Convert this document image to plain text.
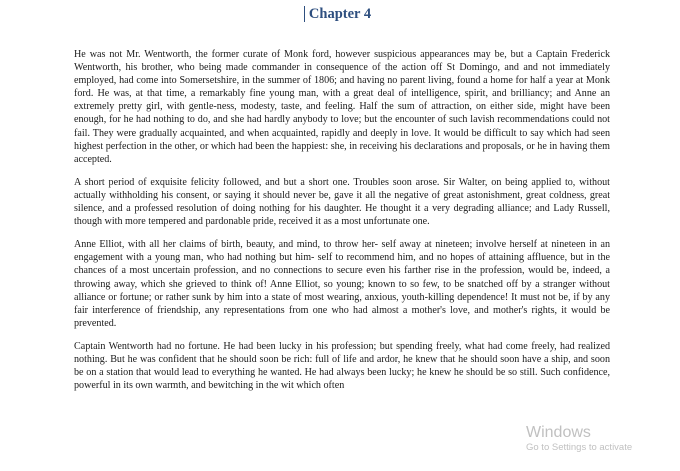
Chapter 4

He was not Mr. Wentworth, the former curate of Monk ford, however suspicious appearances may be, but a Captain Frederick Wentworth, his brother, who being made commander in consequence of the action off St Domingo, and and not immediately employed, had come into Somersetshire, in the summer of 1806; and having no parent living, found a home for half a year at Monk ford. He was, at that time, a remarkably fine young man, with a great deal of intelligence, spirit, and brilliancy; and Anne an extremely pretty girl, with gentle-ness, modesty, taste, and feeling. Half the sum of attraction, on either side, might have been enough, for he had nothing to do, and she had hardly anybody to love; but the encounter of such lavish recommendations could not fail. They were gradually acquainted, and when acquainted, rapidly and deeply in love. It would be difficult to say which had seen highest perfection in the other, or which had been the happiest: she, in receiving his declarations and proposals, or he in having them accepted.

A short period of exquisite felicity followed, and but a short one. Troubles soon arose. Sir Walter, on being applied to, without actually withholding his consent, or saying it should never be, gave it all the negative of great astonishment, great coldness, great silence, and a professed resolution of doing nothing for his daughter. He thought it a very degrading alliance; and Lady Russell, though with more tempered and pardonable pride, received it as a most unfortunate one.

Anne Elliot, with all her claims of birth, beauty, and mind, to throw her- self away at nineteen; involve herself at nineteen in an engagement with a young man, who had nothing but him- self to recommend him, and no hopes of attaining affluence, but in the chances of a most uncertain profession, and no connections to secure even his farther rise in the profession, would be, indeed, a throwing away, which she grieved to think of! Anne Elliot, so young; known to so few, to be snatched off by a stranger without alliance or fortune; or rather sunk by him into a state of most wearing, anxious, youth-killing dependence! It must not be, if by any fair interference of friendship, any representations from one who had almost a mother's love, and mother's rights, it would be prevented.

Captain Wentworth had no fortune. He had been lucky in his profession; but spending freely, what had come freely, had realized nothing. But he was confident that he should soon be rich: full of life and ardor, he knew that he should soon have a ship, and soon be on a station that would lead to everything he wanted. He had always been lucky; he knew he should be so still. Such confidence, powerful in its own warmth, and bewitching in the wit which often

Windows
Go to Settings to activate
